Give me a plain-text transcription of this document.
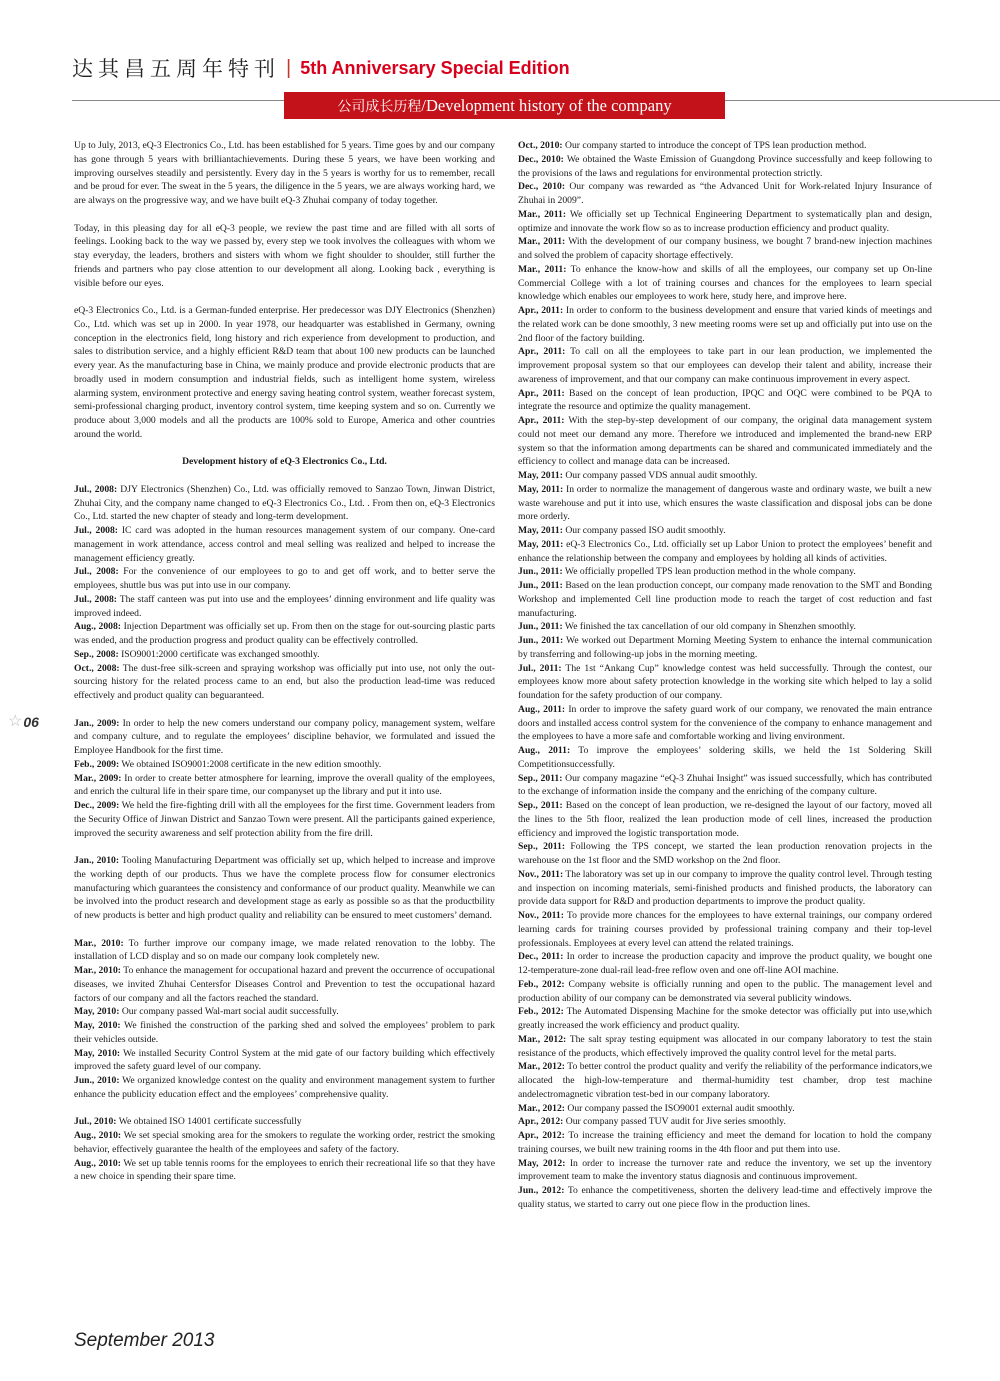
达其昌五周年特刊 | 5th Anniversary Special Edition
公司成长历程 / Development history of the company

Up to July, 2013, eQ-3 Electronics Co., Ltd. has been established for 5 years. Time goes by and our company has gone through 5 years with brilliantachievements. During these 5 years, we have been working and improving ourselves steadily and persistently. Every day in the 5 years is worthy for us to remember, recall and be proud for ever. The sweat in the 5 years, the diligence in the 5 years, we are always working hard, we are always on the progressive way, and we have built eQ-3 Zhuhai company of today together.

Today, in this pleasing day for all eQ-3 people, we review the past time and are filled with all sorts of feelings. Looking back to the way we passed by, every step we took involves the colleagues with whom we stay everyday, the leaders, brothers and sisters with whom we fight shoulder to shoulder, still further the friends and partners who pay close attention to our development all along. Looking back , everything is visible before our eyes.

eQ-3 Electronics Co., Ltd. is a German-funded enterprise. Her predecessor was DJY Electronics (Shenzhen) Co., Ltd. which was set up in 2000. In year 1978, our headquarter was established in Germany, owning conception in the electronics field, long history and rich experience from development to production, and sales to distribution service, and a highly efficient R&D team that about 100 new products can be launched every year. As the manufacturing base in China, we mainly produce and provide electronic products that are broadly used in modern consumption and industrial fields, such as intelligent home system, wireless alarming system, environment protective and energy saving heating control system, weather forecast system, semi-professional charging product, inventory control system, time keeping system and so on. Currently we produce about 3,000 models and all the products are 100% sold to Europe, America and other countries around the world.

Development history of eQ-3 Electronics Co., Ltd.

Jul., 2008: DJY Electronics (Shenzhen) Co., Ltd. was officially removed to Sanzao Town, Jinwan District, Zhuhai City, and the company name changed to eQ-3 Electronics Co., Ltd. . From then on, eQ-3 Electronics Co., Ltd. started the new chapter of steady and long-term development.

Jul., 2008: IC card was adopted in the human resources management system of our company. One-card management in work attendance, access control and meal selling was realized and helped to increase the management efficiency greatly.

Jul., 2008: For the convenience of our employees to go to and get off work, and to better serve the employees, shuttle bus was put into use in our company.

Jul., 2008: The staff canteen was put into use and the employees’ dinning environment and life quality was improved indeed.

Aug., 2008: Injection Department was officially set up. From then on the stage for out-sourcing plastic parts was ended, and the production progress and product quality can be effectively controlled.

Sep., 2008: ISO9001:2000 certificate was exchanged smoothly.

Oct., 2008: The dust-free silk-screen and spraying workshop was officially put into use, not only the out-sourcing history for the related process came to an end, but also the production lead-time was reduced effectively and product quality can beguaranteed.

Jan., 2009: In order to help the new comers understand our company policy, management system, welfare and company culture, and to regulate the employees’ discipline behavior, we formulated and issued the Employee Handbook for the first time.

Feb., 2009: We obtained ISO9001:2008 certificate in the new edition smoothly.

Mar., 2009: In order to create better atmosphere for learning, improve the overall quality of the employees, and enrich the cultural life in their spare time, our companyset up the library and put it into use.

Dec., 2009: We held the fire-fighting drill with all the employees for the first time. Government leaders from the Security Office of Jinwan District and Sanzao Town were present. All the participants gained experience, improved the security awareness and self protection ability from the fire drill.

Jan., 2010: Tooling Manufacturing Department was officially set up, which helped to increase and improve the working depth of our products. Thus we have the complete process flow for consumer electronics manufacturing which guarantees the consistency and conformance of our product quality. Meanwhile we can be involved into the product research and development stage as early as possible so as that the productbility of new products is better and high product quality and reliability can be ensured to meet customers’ demand.

Mar., 2010: To further improve our company image, we made related renovation to the lobby. The installation of LCD display and so on made our company look completely new.

Mar., 2010: To enhance the management for occupational hazard and prevent the occurrence of occupational diseases, we invited Zhuhai Centersfor Diseases Control and Prevention to test the occupational hazard factors of our company and all the factors reached the standard.

May, 2010: Our company passed Wal-mart social audit successfully.

May, 2010: We finished the construction of the parking shed and solved the employees’ problem to park their vehicles outside.

May, 2010: We installed Security Control System at the mid gate of our factory building which effectively improved the safety guard level of our company.

Jun., 2010: We organized knowledge contest on the quality and environment management system to further enhance the publicity education effect and the employees’ comprehensive quality.

Jul., 2010: We obtained ISO 14001 certificate successfully

Aug., 2010: We set special smoking area for the smokers to regulate the working order, restrict the smoking behavior, effectively guarantee the health of the employees and safety of the factory.

Aug., 2010: We set up table tennis rooms for the employees to enrich their recreational life so that they have a new choice in spending their spare time.

Oct., 2010: Our company started to introduce the concept of TPS lean production method.

Dec., 2010: We obtained the Waste Emission of Guangdong Province successfully and keep following to the provisions of the laws and regulations for environmental protection strictly.

Dec., 2010: Our company was rewarded as “the Advanced Unit for Work-related Injury Insurance of Zhuhai in 2009”.

Mar., 2011: We officially set up Technical Engineering Department to systematically plan and design, optimize and innovate the work flow so as to increase production efficiency and product quality.

Mar., 2011: With the development of our company business, we bought 7 brand-new injection machines and solved the problem of capacity shortage effectively.

Mar., 2011: To enhance the know-how and skills of all the employees, our company set up On-line Commercial College with a lot of training courses and chances for the employees to learn special knowledge which enables our employees to work here, study here, and improve here.

Apr., 2011: In order to conform to the business development and ensure that varied kinds of meetings and the related work can be done smoothly, 3 new meeting rooms were set up and officially put into use on the 2nd floor of the factory building.

Apr., 2011: To call on all the employees to take part in our lean production, we implemented the improvement proposal system so that our employees can develop their talent and ability, increase their awareness of improvement, and that our company can make continuous improvement in every aspect.

Apr., 2011: Based on the concept of lean production, IPQC and OQC were combined to be PQA to integrate the resource and optimize the quality management.

Apr., 2011: With the step-by-step development of our company, the original data management system could not meet our demand any more. Therefore we introduced and implemented the brand-new ERP system so that the information among departments can be shared and communicated immediately and the efficiency to collect and manage data can be increased.

May, 2011: Our company passed VDS annual audit smoothly.

May, 2011: In order to normalize the management of dangerous waste and ordinary waste, we built a new waste warehouse and put it into use, which ensures the waste classification and disposal jobs can be done more orderly.

May, 2011: Our company passed ISO audit smoothly.

May, 2011: eQ-3 Electronics Co., Ltd. officially set up Labor Union to protect the employees’ benefit and enhance the relationship between the company and employees by holding all kinds of activities.

Jun., 2011: We officially propelled TPS lean production method in the whole company.

Jun., 2011: Based on the lean production concept, our company made renovation to the SMT and Bonding Workshop and implemented Cell line production mode to reach the target of cost reduction and fast manufacturing.

Jun., 2011: We finished the tax cancellation of our old company in Shenzhen smoothly.

Jun., 2011: We worked out Department Morning Meeting System to enhance the internal communication by transferring and following-up jobs in the morning meeting.

Jul., 2011: The 1st “Ankang Cup” knowledge contest was held successfully. Through the contest, our employees know more about safety protection knowledge in the working site which helped to lay a solid foundation for the safety production of our company.

Aug., 2011: In order to improve the safety guard work of our company, we renovated the main entrance doors and installed access control system for the convenience of the company to enhance management and the employees to have a more safe and comfortable working and living environment.

Aug., 2011: To improve the employees’ soldering skills, we held the 1st Soldering Skill Competitionsuccessfully.

Sep., 2011: Our company magazine “eQ-3 Zhuhai Insight” was issued successfully, which has contributed to the exchange of information inside the company and the enriching of the company culture.

Sep., 2011: Based on the concept of lean production, we re-designed the layout of our factory, moved all the lines to the 5th floor, realized the lean production mode of cell lines, increased the production efficiency and improved the logistic transportation mode.

Sep., 2011: Following the TPS concept, we started the lean production renovation projects in the warehouse on the 1st floor and the SMD workshop on the 2nd floor.

Nov., 2011: The laboratory was set up in our company to improve the quality control level. Through testing and inspection on incoming materials, semi-finished products and finished products, the laboratory can provide data support for R&D and production departments to improve the product quality.

Nov., 2011: To provide more chances for the employees to have external trainings, our company ordered learning cards for training courses provided by professional training company and their top-level professionals. Employees at every level can attend the related trainings.

Dec., 2011: In order to increase the production capacity and improve the product quality, we bought one 12-temperature-zone dual-rail lead-free reflow oven and one off-line AOI machine.

Feb., 2012: Company website is officially running and open to the public. The management level and production ability of our company can be demonstrated via several publicity windows.

Feb., 2012: The Automated Dispensing Machine for the smoke detector was officially put into use,which greatly increased the work efficiency and product quality.

Mar., 2012: The salt spray testing equipment was allocated in our company laboratory to test the stain resistance of the products, which effectively improved the quality control level for the metal parts.

Mar., 2012: To better control the product quality and verify the reliability of the performance indicators,we allocated the high-low-temperature and thermal-humidity test chamber, drop test machine andelectromagnetic vibration test-bed in our company laboratory.

Mar., 2012: Our company passed the ISO9001 external audit smoothly.

Apr., 2012: Our company passed TUV audit for Jive series smoothly.

Apr., 2012: To increase the training efficiency and meet the demand for location to hold the company training courses, we built new training rooms in the 4th floor and put them into use.

May, 2012: In order to increase the turnover rate and reduce the inventory, we set up the inventory improvement team to make the inventory status diagnosis and continuous improvement.

Jun., 2012: To enhance the competitiveness, shorten the delivery lead-time and effectively improve the quality status, we started to carry out one piece flow in the production lines.

☆ 06
September 2013
